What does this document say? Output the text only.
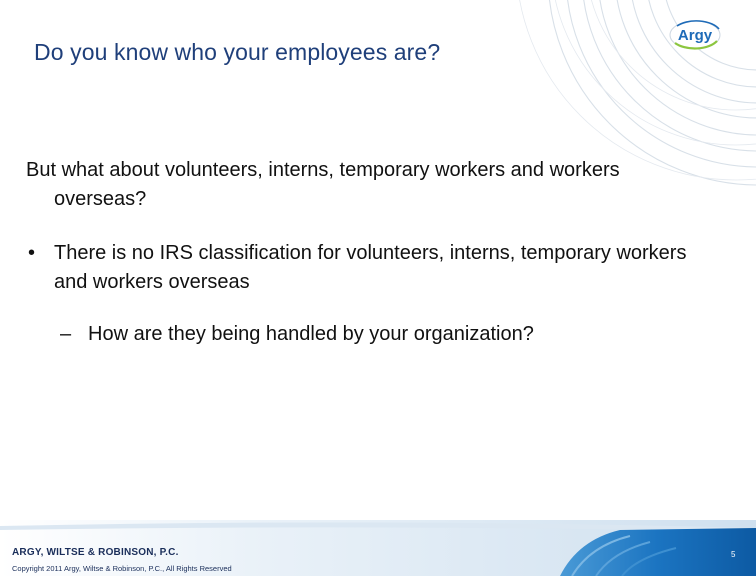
Argy
Do you know who your employees are?

But what about volunteers, interns, temporary workers and workers overseas?

• There is no IRS classification for volunteers, interns, temporary workers and workers overseas
– How are they being handled by your organization?
ARGY, WILTSE & ROBINSON, P.C.
Copyright 2011 Argy, Wiltse & Robinson, P.C., All Rights Reserved
5
